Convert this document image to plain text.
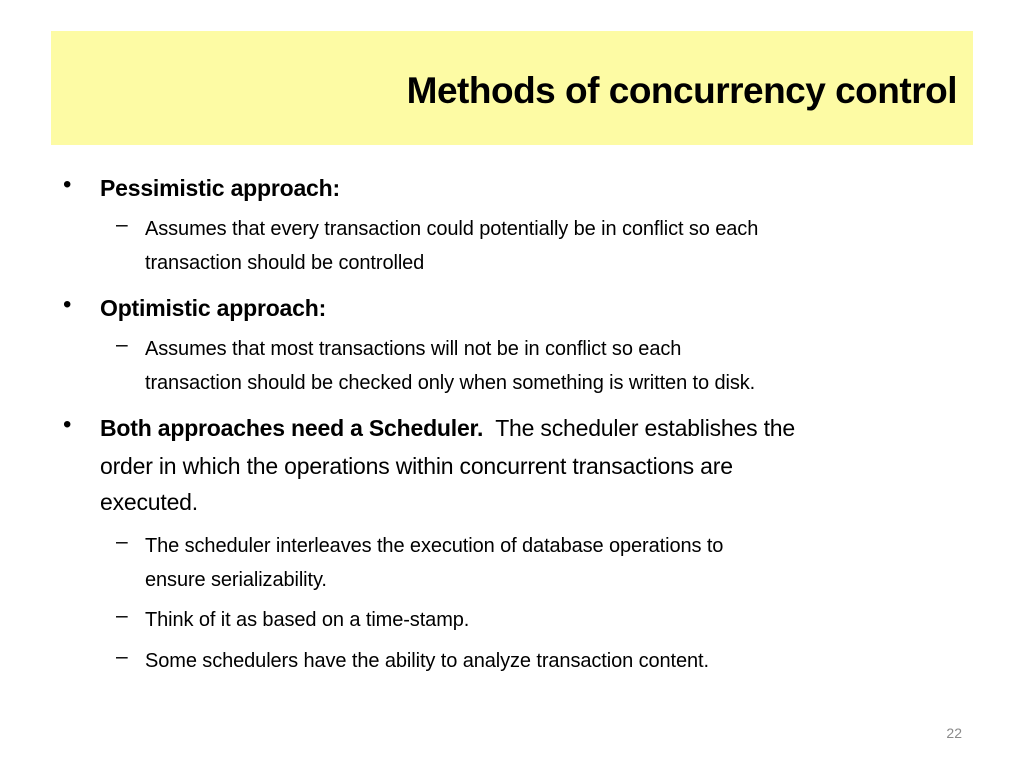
Methods of concurrency control
• Pessimistic approach:
– Assumes that every transaction could potentially be in conflict so each
transaction should be controlled
• Optimistic approach:
– Assumes that most transactions will not be in conflict so each
transaction should be checked only when something is written to disk.
• Both approaches need a Scheduler.  The scheduler establishes the
order in which the operations within concurrent transactions are
executed.
– The scheduler interleaves the execution of database operations to
ensure serializability.
– Think of it as based on a time-stamp.
– Some schedulers have the ability to analyze transaction content.
22
